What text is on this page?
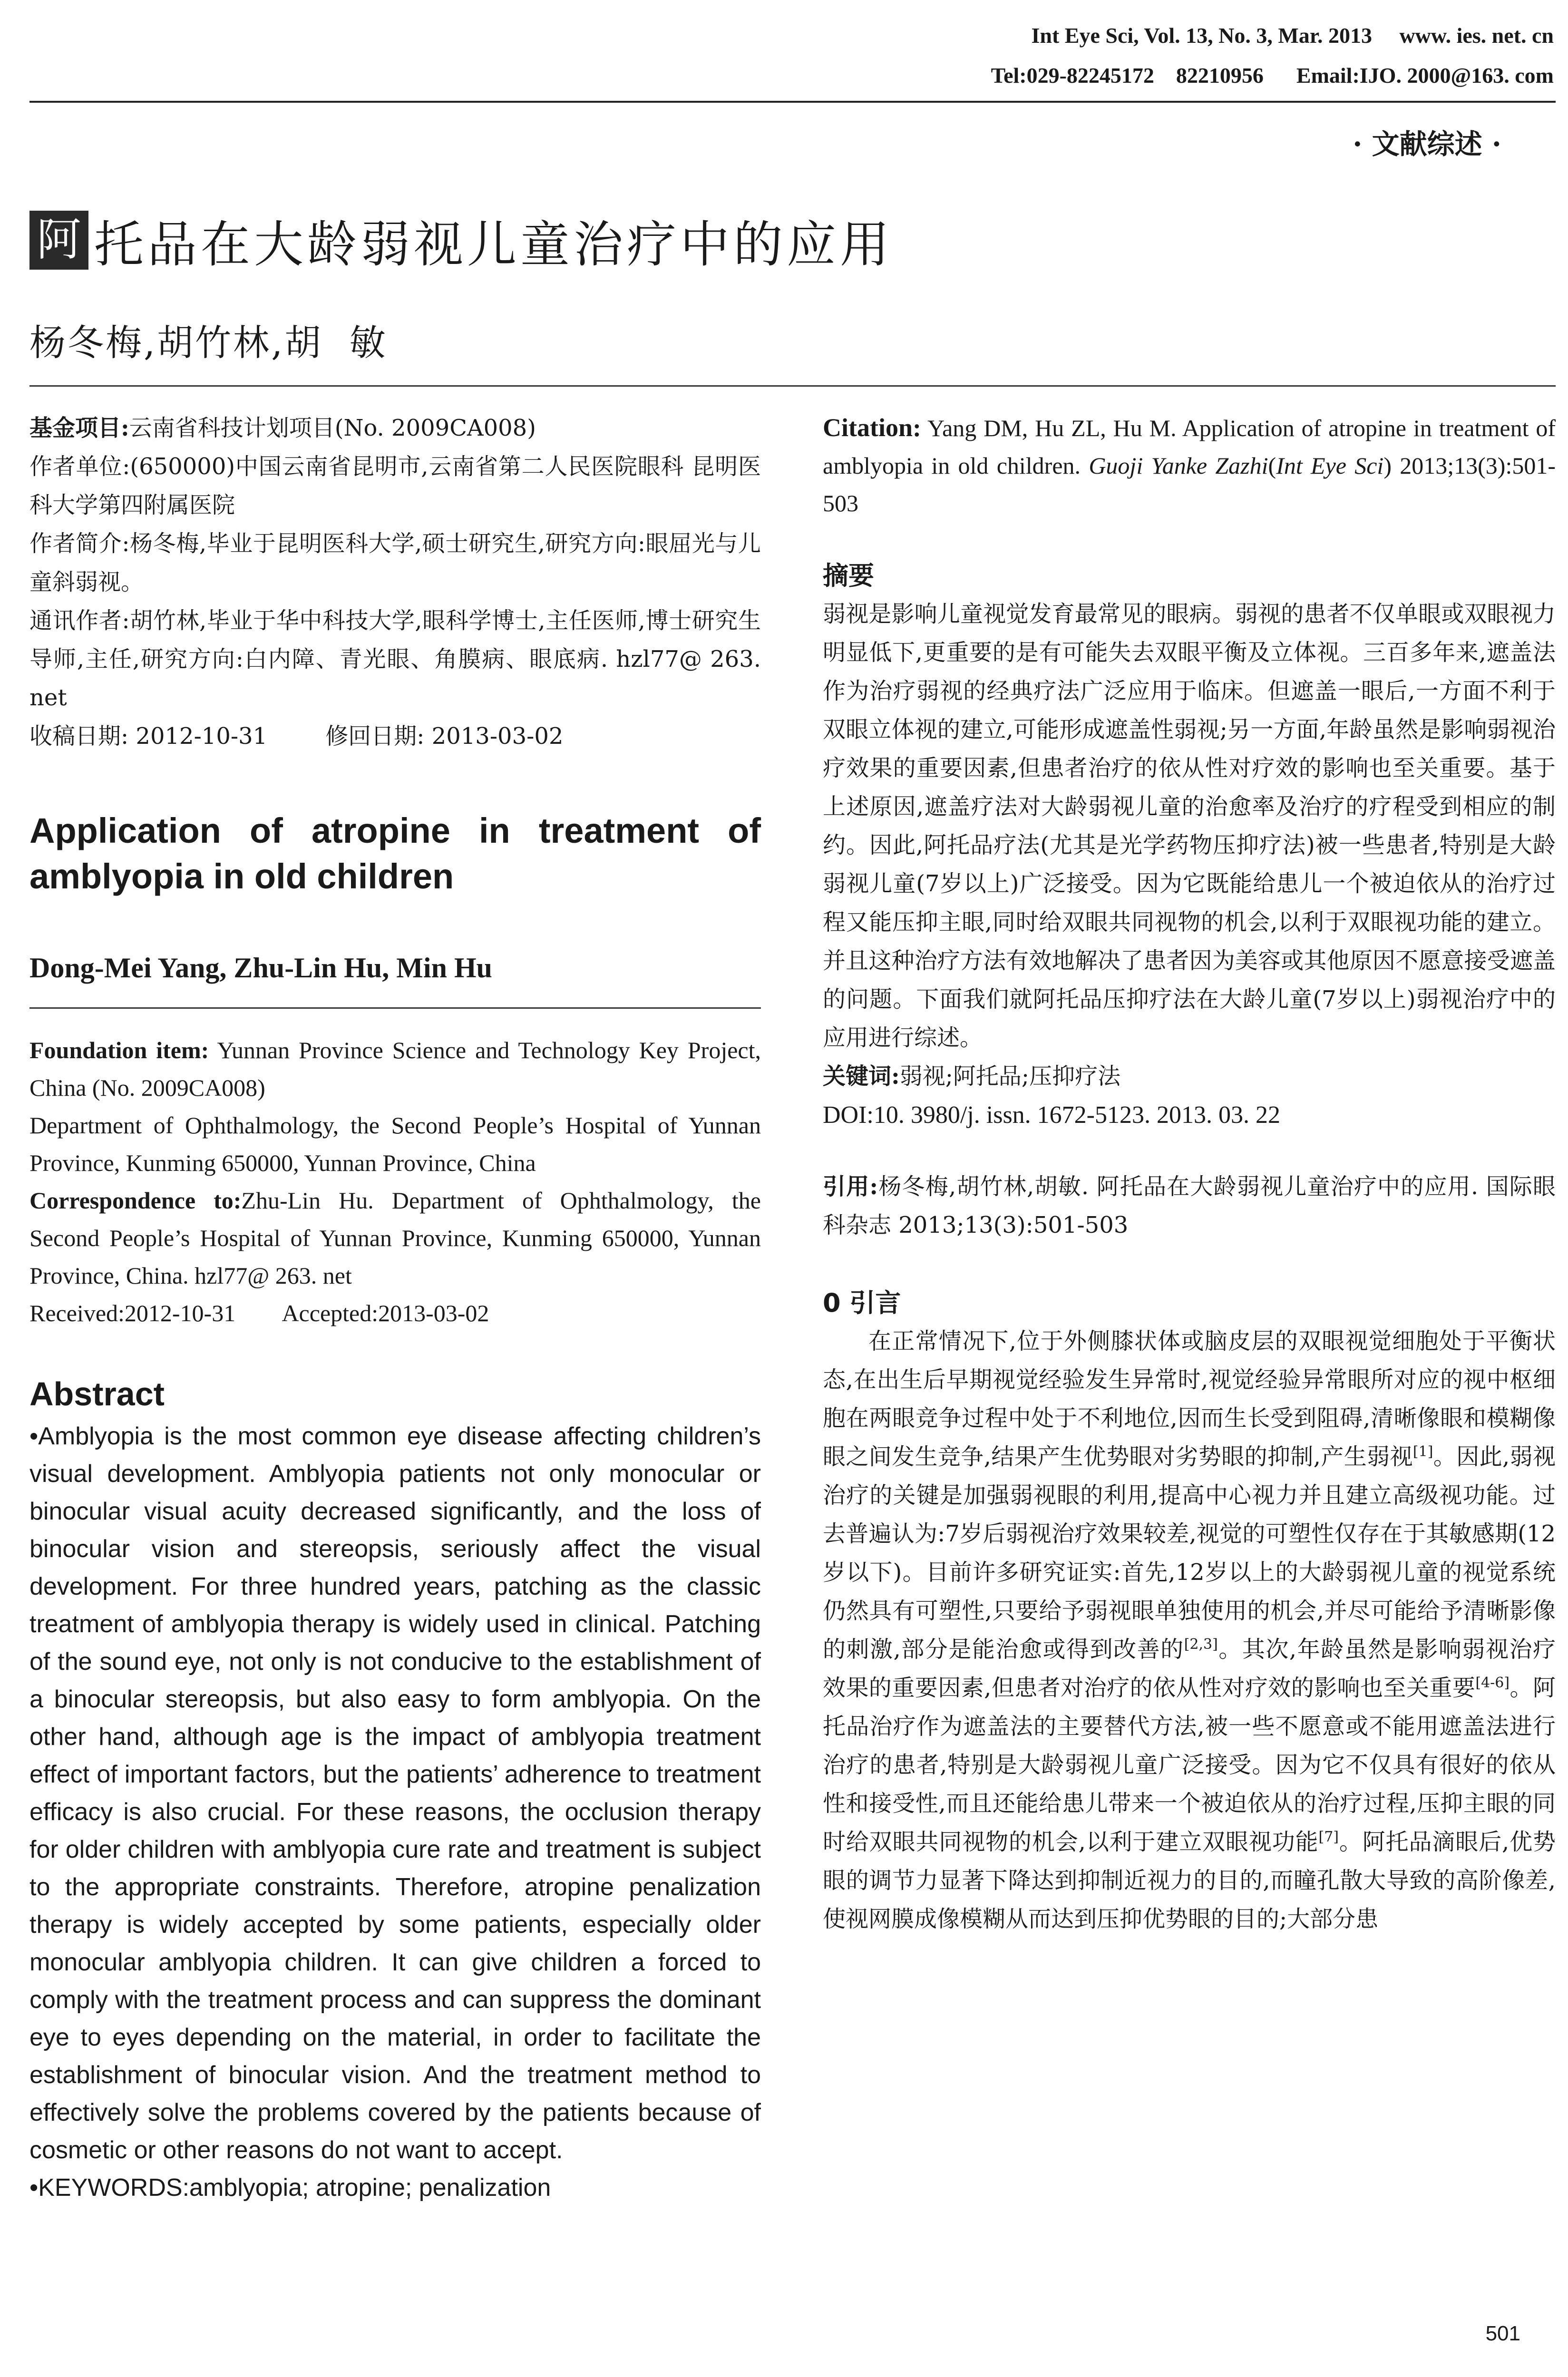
Int Eye Sci, Vol. 13, No. 3, Mar. 2013     www. ies. net. cn
Tel:029-82245172    82210956      Email:IJO. 2000@163. com
· 文献综述 ·
阿 托品在大龄弱视儿童治疗中的应用
杨冬梅,胡竹林,胡  敏

基金项目:云南省科技计划项目(No. 2009CA008)

作者单位:(650000)中国云南省昆明市,云南省第二人民医院眼科 昆明医科大学第四附属医院

作者简介:杨冬梅,毕业于昆明医科大学,硕士研究生,研究方向:眼屈光与儿童斜弱视。

通讯作者:胡竹林,毕业于华中科技大学,眼科学博士,主任医师,博士研究生导师,主任,研究方向:白内障、青光眼、角膜病、眼底病. hzl77@ 263. net

收稿日期: 2012-10-31        修回日期: 2013-03-02

Application of atropine in treatment of

amblyopia in old children

Dong-Mei Yang, Zhu-Lin Hu, Min Hu

Foundation item: Yunnan Province Science and Technology Key Project, China (No. 2009CA008)

Department of Ophthalmology, the Second People’s Hospital of Yunnan Province, Kunming 650000, Yunnan Province, China

Correspondence to:Zhu-Lin Hu. Department of Ophthalmology, the Second People’s Hospital of Yunnan Province, Kunming 650000, Yunnan Province, China. hzl77@ 263. net

Received:2012-10-31        Accepted:2013-03-02

Abstract

• Amblyopia is the most common eye disease affecting children’s visual development. Amblyopia patients not only monocular or binocular visual acuity decreased significantly, and the loss of binocular vision and stereopsis, seriously affect the visual development. For three hundred years, patching as the classic treatment of amblyopia therapy is widely used in clinical. Patching of the sound eye, not only is not conducive to the establishment of a binocular stereopsis, but also easy to form amblyopia. On the other hand, although age is the impact of amblyopia treatment effect of important factors, but the patients’ adherence to treatment efficacy is also crucial. For these reasons, the occlusion therapy for older children with amblyopia cure rate and treatment is subject to the appropriate constraints. Therefore, atropine penalization therapy is widely accepted by some patients, especially older monocular amblyopia children. It can give children a forced to comply with the treatment process and can suppress the dominant eye to eyes depending on the material, in order to facilitate the establishment of binocular vision. And the treatment method to effectively solve the problems covered by the patients because of cosmetic or other reasons do not want to accept.

• KEYWORDS:amblyopia; atropine; penalization

Citation: Yang DM, Hu ZL, Hu M. Application of atropine in treatment of amblyopia in old children. Guoji Yanke Zazhi(Int Eye Sci) 2013;13(3):501-503

摘要

弱视是影响儿童视觉发育最常见的眼病。弱视的患者不仅单眼或双眼视力明显低下,更重要的是有可能失去双眼平衡及立体视。三百多年来,遮盖法作为治疗弱视的经典疗法广泛应用于临床。但遮盖一眼后,一方面不利于双眼立体视的建立,可能形成遮盖性弱视;另一方面,年龄虽然是影响弱视治疗效果的重要因素,但患者治疗的依从性对疗效的影响也至关重要。基于上述原因,遮盖疗法对大龄弱视儿童的治愈率及治疗的疗程受到相应的制约。因此,阿托品疗法(尤其是光学药物压抑疗法)被一些患者,特别是大龄弱视儿童(7岁以上)广泛接受。因为它既能给患儿一个被迫依从的治疗过程又能压抑主眼,同时给双眼共同视物的机会,以利于双眼视功能的建立。并且这种治疗方法有效地解决了患者因为美容或其他原因不愿意接受遮盖的问题。下面我们就阿托品压抑疗法在大龄儿童(7岁以上)弱视治疗中的应用进行综述。

关键词:弱视;阿托品;压抑疗法

DOI:10. 3980/j. issn. 1672-5123. 2013. 03. 22

引用:杨冬梅,胡竹林,胡敏. 阿托品在大龄弱视儿童治疗中的应用. 国际眼科杂志 2013;13(3):501-503

0 引言

在正常情况下,位于外侧膝状体或脑皮层的双眼视觉细胞处于平衡状态,在出生后早期视觉经验发生异常时,视觉经验异常眼所对应的视中枢细胞在两眼竞争过程中处于不利地位,因而生长受到阻碍,清晰像眼和模糊像眼之间发生竞争,结果产生优势眼对劣势眼的抑制,产生弱视[1]。因此,弱视治疗的关键是加强弱视眼的利用,提高中心视力并且建立高级视功能。过去普遍认为:7岁后弱视治疗效果较差,视觉的可塑性仅存在于其敏感期(12岁以下)。目前许多研究证实:首先,12岁以上的大龄弱视儿童的视觉系统仍然具有可塑性,只要给予弱视眼单独使用的机会,并尽可能给予清晰影像的刺激,部分是能治愈或得到改善的[2,3]。其次,年龄虽然是影响弱视治疗效果的重要因素,但患者对治疗的依从性对疗效的影响也至关重要[4-6]。阿托品治疗作为遮盖法的主要替代方法,被一些不愿意或不能用遮盖法进行治疗的患者,特别是大龄弱视儿童广泛接受。因为它不仅具有很好的依从性和接受性,而且还能给患儿带来一个被迫依从的治疗过程,压抑主眼的同时给双眼共同视物的机会,以利于建立双眼视功能[7]。阿托品滴眼后,优势眼的调节力显著下降达到抑制近视力的目的,而瞳孔散大导致的高阶像差,使视网膜成像模糊从而达到压抑优势眼的目的;大部分患

501
